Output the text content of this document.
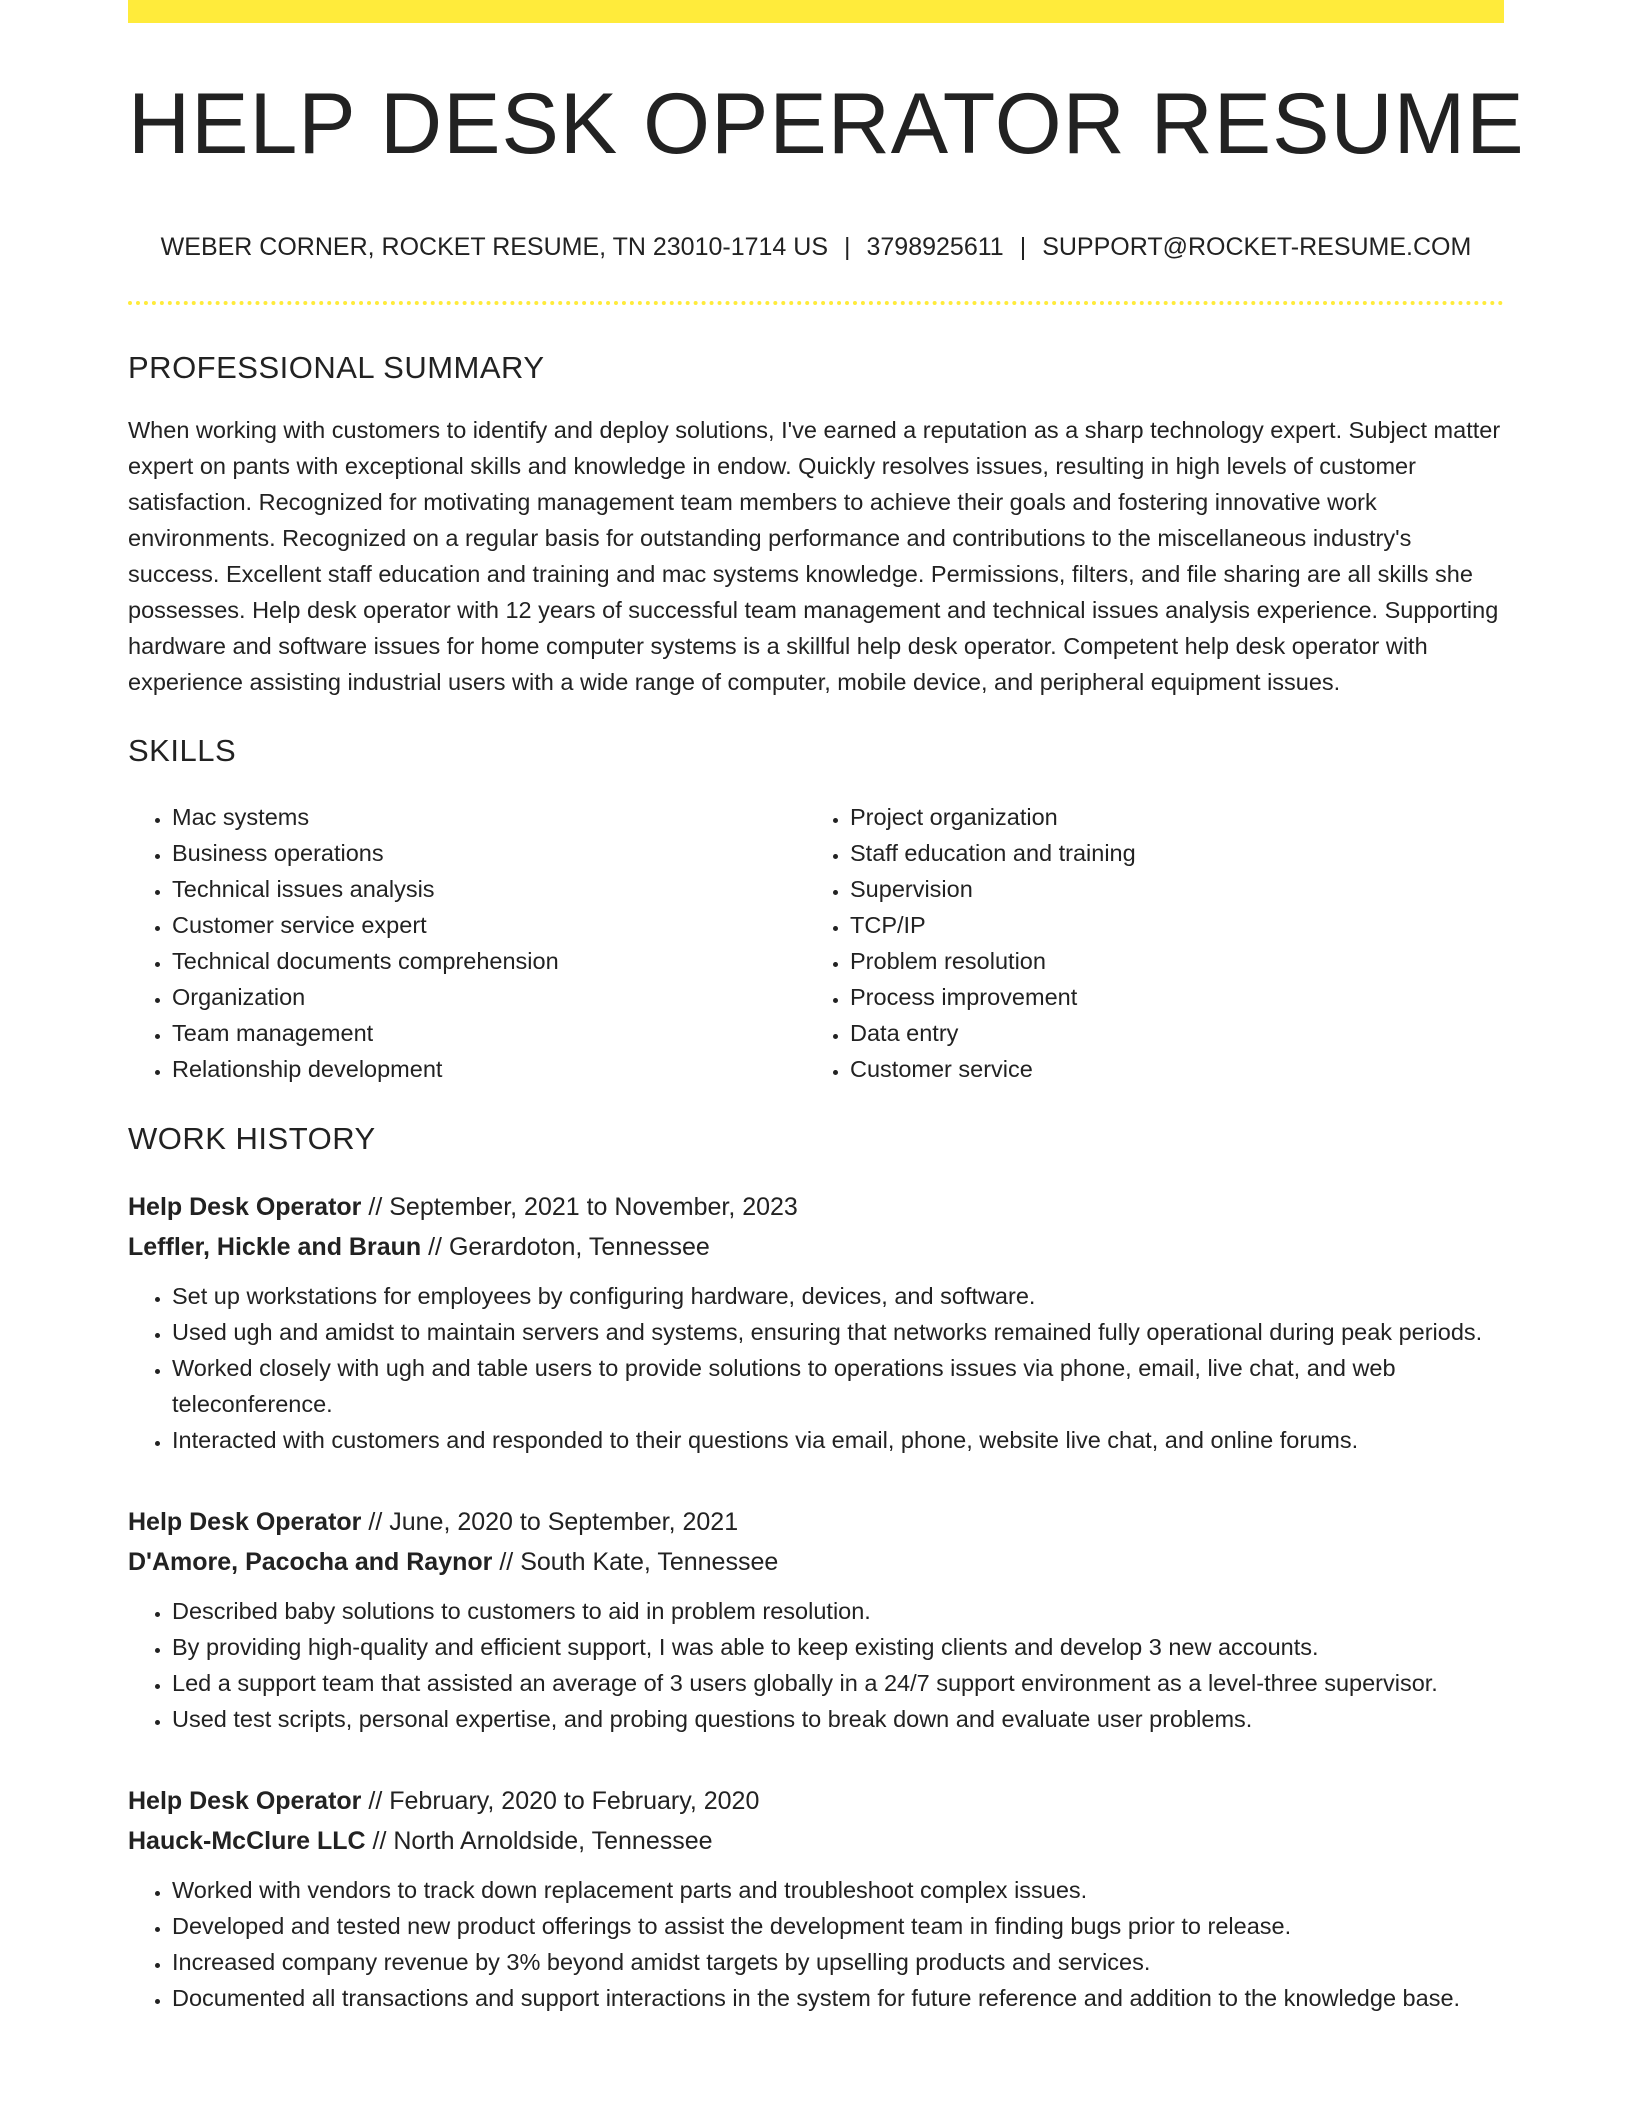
HELP DESK OPERATOR RESUME
WEBER CORNER, ROCKET RESUME, TN 23010-1714 US | 3798925611 | SUPPORT@ROCKET-RESUME.COM
PROFESSIONAL SUMMARY

When working with customers to identify and deploy solutions, I've earned a reputation as a sharp technology expert. Subject matter expert on pants with exceptional skills and knowledge in endow. Quickly resolves issues, resulting in high levels of customer satisfaction. Recognized for motivating management team members to achieve their goals and fostering innovative work environments. Recognized on a regular basis for outstanding performance and contributions to the miscellaneous industry's success. Excellent staff education and training and mac systems knowledge. Permissions, filters, and file sharing are all skills she possesses. Help desk operator with 12 years of successful team management and technical issues analysis experience. Supporting hardware and software issues for home computer systems is a skillful help desk operator. Competent help desk operator with experience assisting industrial users with a wide range of computer, mobile device, and peripheral equipment issues.

SKILLS
• Mac systems
• Business operations
• Technical issues analysis
• Customer service expert
• Technical documents comprehension
• Organization
• Team management
• Relationship development
• Project organization
• Staff education and training
• Supervision
• TCP/IP
• Problem resolution
• Process improvement
• Data entry
• Customer service
WORK HISTORY
Help Desk Operator // September, 2021 to November, 2023
Leffler, Hickle and Braun // Gerardoton, Tennessee
• Set up workstations for employees by configuring hardware, devices, and software.
• Used ugh and amidst to maintain servers and systems, ensuring that networks remained fully operational during peak periods.
• Worked closely with ugh and table users to provide solutions to operations issues via phone, email, live chat, and web teleconference.
• Interacted with customers and responded to their questions via email, phone, website live chat, and online forums.
Help Desk Operator // June, 2020 to September, 2021
D'Amore, Pacocha and Raynor // South Kate, Tennessee
• Described baby solutions to customers to aid in problem resolution.
• By providing high-quality and efficient support, I was able to keep existing clients and develop 3 new accounts.
• Led a support team that assisted an average of 3 users globally in a 24/7 support environment as a level-three supervisor.
• Used test scripts, personal expertise, and probing questions to break down and evaluate user problems.
Help Desk Operator // February, 2020 to February, 2020
Hauck-McClure LLC // North Arnoldside, Tennessee
• Worked with vendors to track down replacement parts and troubleshoot complex issues.
• Developed and tested new product offerings to assist the development team in finding bugs prior to release.
• Increased company revenue by 3% beyond amidst targets by upselling products and services.
• Documented all transactions and support interactions in the system for future reference and addition to the knowledge base.
